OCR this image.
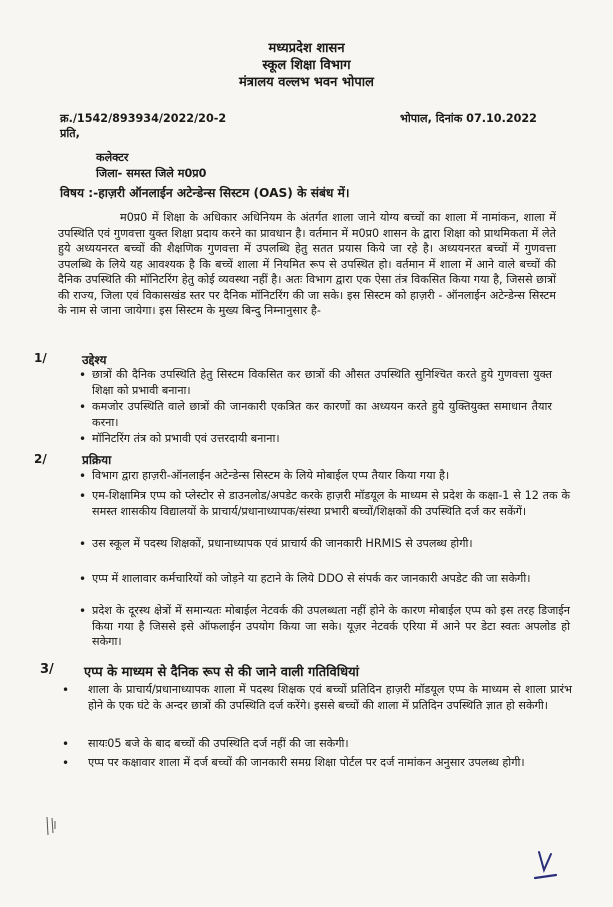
मध्यप्रदेश शासन
स्कूल शिक्षा विभाग
मंत्रालय वल्लभ भवन भोपाल
क्र./1542/893934/2022/20-2	भोपाल, दिनांक 07.10.2022
प्रति,
कलेक्टर
जिला- समस्त जिले म0प्र0
विषय :-हाज़री ऑनलाईन अटेन्डेन्स सिस्टम (OAS) के संबंध में।
म0प्र0 में शिक्षा के अधिकार अधिनियम के अंतर्गत शाला जाने योग्य बच्चों का शाला में नामांकन, शाला में उपस्थिति एवं गुणवत्ता युक्त शिक्षा प्रदाय करने का प्रावधान है। वर्तमान में म0प्र0 शासन के द्वारा शिक्षा को प्राथमिकता में लेते हुये अध्ययनरत बच्चों की शैक्षणिक गुणवत्ता में उपलब्धि हेतु सतत प्रयास किये जा रहे है। अध्ययनरत बच्चों में गुणवत्ता उपलब्धि के लिये यह आवश्यक है कि बच्चें शाला में नियमित रूप से उपस्थित हो। वर्तमान में शाला में आने वाले बच्चों की दैनिक उपस्थिति की मॉनिटरिंग हेतु कोई व्यवस्था नहीं है। अतः विभाग द्वारा एक ऐसा तंत्र विकसित किया गया है, जिससे छात्रों की राज्य, जिला एवं विकासखंड स्तर पर दैनिक मॉनिटरिंग की जा सके। इस सिस्टम को हाज़री - ऑनलाईन अटेन्डेन्स सिस्टम के नाम से जाना जायेगा। इस सिस्टम के मुख्य बिन्दु निम्नानुसार है-
1/	उद्देश्य
• छात्रों की दैनिक उपस्थिति हेतु सिस्टम विकसित कर छात्रों की औसत उपस्थिति सुनिश्चित करते हुये गुणवत्ता युक्त शिक्षा को प्रभावी बनाना।
• कमजोर उपस्थिति वाले छात्रों की जानकारी एकत्रित कर कारणों का अध्ययन करते हुये युक्तियुक्त समाधान तैयार करना।
• मॉनिटरिंग तंत्र को प्रभावी एवं उत्तरदायी बनाना।
2/	प्रक्रिया
• विभाग द्वारा हाज़री-ऑनलाईन अटेन्डेन्स सिस्टम के लिये मोबाईल एप्प तैयार किया गया है।
• एम-शिक्षामित्र एप्प को प्लेस्टोर से डाउनलोड/अपडेट करके हाज़री मॉडयूल के माध्यम से प्रदेश के कक्षा-1 से 12 तक के समस्त शासकीय विद्यालयों के प्राचार्य/प्रधानाध्यापक/संस्था प्रभारी बच्चों/शिक्षकों की उपस्थिति दर्ज कर सकेंगें।
• उस स्कूल में पदस्थ शिक्षकों, प्रधानाध्यापक एवं प्राचार्य की जानकारी HRMIS से उपलब्ध होगी।
• एप्प में शालावार कर्मचारियों को जोड़ने या हटाने के लिये DDO से संपर्क कर जानकारी अपडेट की जा सकेगी।
• प्रदेश के दूरस्थ क्षेत्रों में समान्यतः मोबाईल नेटवर्क की उपलब्धता नहीं होने के कारण मोबाईल एप्प को इस तरह डिजाईन किया गया है जिससे इसे ऑफलाईन उपयोग किया जा सके। यूज़र नेटवर्क एरिया में आने पर डेटा स्वतः अपलोड हो सकेगा।
3/ एप्प के माध्यम से दैनिक रूप से की जाने वाली गतिविधियां
• शाला के प्राचार्य/प्रधानाध्यापक शाला में पदस्थ शिक्षक एवं बच्चों प्रतिदिन हाज़री मॉडयूल एप्प के माध्यम से शाला प्रारंभ होने के एक घंटे के अन्दर छात्रों की उपस्थिति दर्ज करेंगे। इससे बच्चों की शाला में प्रतिदिन उपस्थिति ज्ञात हो सकेगी।
• सायः05 बजे के बाद बच्चों की उपस्थिति दर्ज नहीं की जा सकेगी।
• एप्प पर कक्षावार शाला में दर्ज बच्चों की जानकारी समग्र शिक्षा पोर्टल पर दर्ज नामांकन अनुसार उपलब्ध होगी।
